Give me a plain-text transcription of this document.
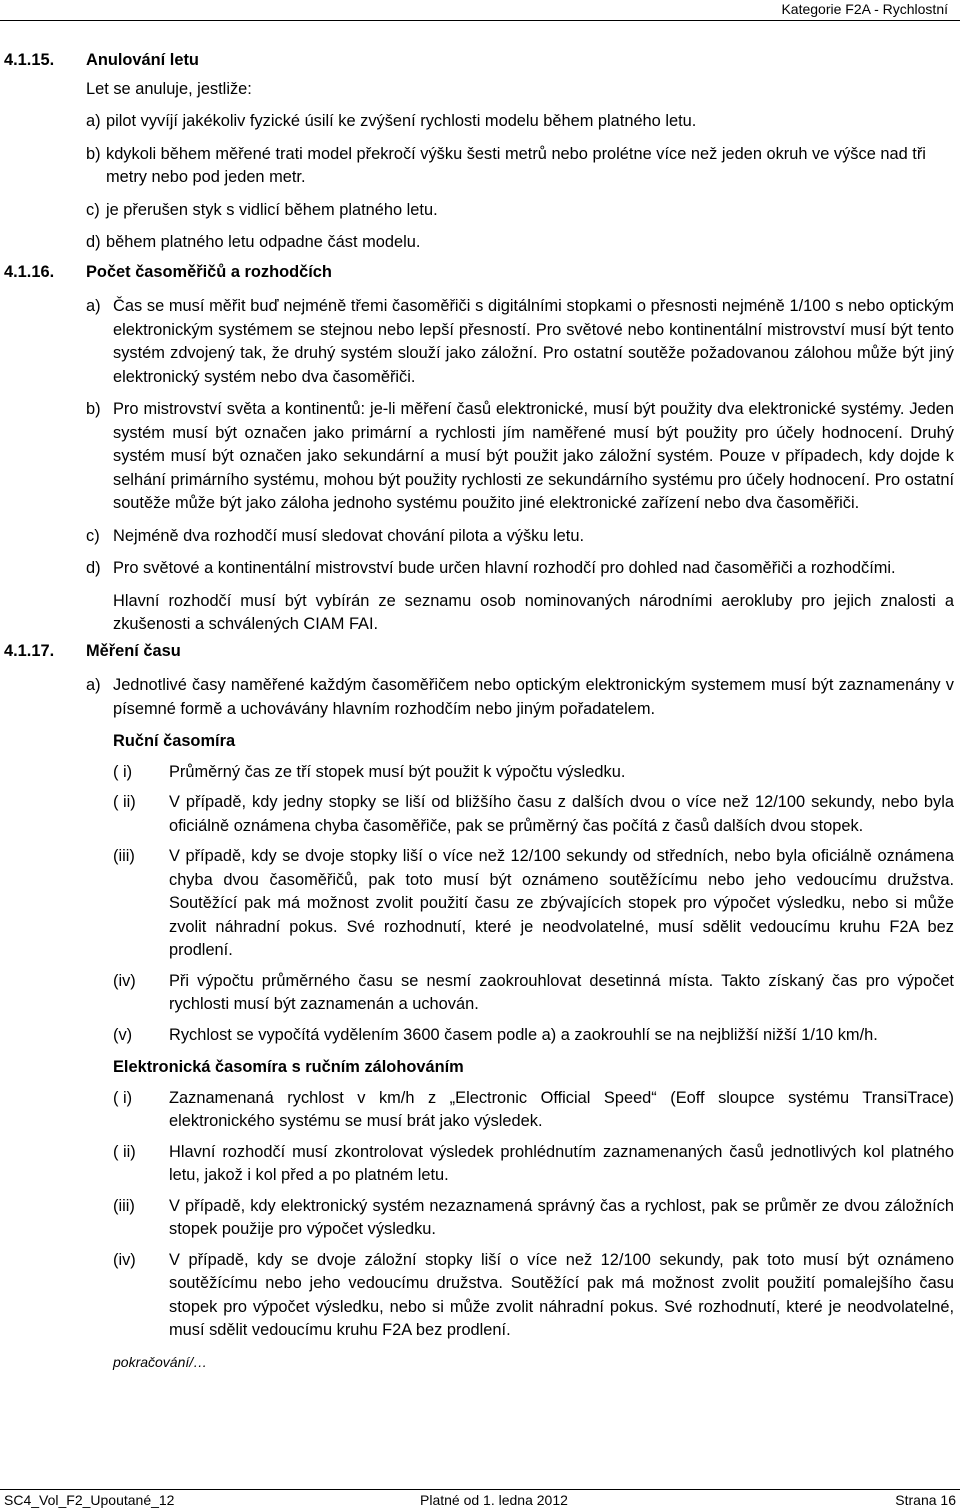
Kategorie F2A - Rychlostní
4.1.15. Anulování letu
Let se anuluje, jestliže:
a) pilot vyvíjí jakékoliv fyzické úsilí ke zvýšení rychlosti modelu během platného letu.
b) kdykoli během měřené trati model překročí výšku šesti metrů nebo prolétne více než jeden okruh ve výšce nad tři metry nebo pod jeden metr.
c) je přerušen styk s vidlicí během platného letu.
d) během platného letu odpadne část modelu.
4.1.16. Počet časoměřičů a rozhodčích
a) Čas se musí měřit buď nejméně třemi časoměřiči s digitálními stopkami o přesnosti nejméně 1/100 s nebo optickým elektronickým systémem se stejnou nebo lepší přesností. Pro světové nebo kontinentální mistrovství musí být tento systém zdvojený tak, že druhý systém slouží jako záložní. Pro ostatní soutěže požadovanou zálohou může být jiný elektronický systém nebo dva časoměřiči.
b) Pro mistrovství světa a kontinentů: je-li měření časů elektronické, musí být použity dva elektronické systémy. Jeden systém musí být označen jako primární a rychlosti jím naměřené musí být použity pro účely hodnocení. Druhý systém musí být označen jako sekundární a musí být použit jako záložní systém. Pouze v případech, kdy dojde k selhání primárního systému, mohou být použity rychlosti ze sekundárního systému pro účely hodnocení. Pro ostatní soutěže může být jako záloha jednoho systému použito jiné elektronické zařízení nebo dva časoměřiči.
c) Nejméně dva rozhodčí musí sledovat chování pilota a výšku letu.
d) Pro světové a kontinentální mistrovství bude určen hlavní rozhodčí pro dohled nad časoměřiči a rozhodčími.
Hlavní rozhodčí musí být vybírán ze seznamu osob nominovaných národními aerokluby pro jejich znalosti a zkušenosti a schválených CIAM FAI.
4.1.17. Měření času
a) Jednotlivé časy naměřené každým časoměřičem nebo optickým elektronickým systemem musí být zaznamenány v písemné formě a uchovávány hlavním rozhodčím nebo jiným pořadatelem.
Ruční časomíra
( i)	Průměrný čas ze tří stopek musí být použit k výpočtu výsledku.
( ii)	V případě, kdy jedny stopky se liší od bližšího času z dalších dvou o více než 12/100 sekundy, nebo byla oficiálně oznámena chyba časoměřiče, pak se průměrný čas počítá z časů dalších dvou stopek.
(iii)	V případě, kdy se dvoje stopky liší o více než 12/100 sekundy od středních, nebo byla oficiálně oznámena chyba dvou časoměřičů, pak toto musí být oznámeno soutěžícímu nebo jeho vedoucímu družstva. Soutěžící pak má možnost zvolit použití času ze zbývajících stopek pro výpočet výsledku, nebo si může zvolit náhradní pokus. Své rozhodnutí, které je neodvolatelné, musí sdělit vedoucímu kruhu F2A bez prodlení.
(iv)	Při výpočtu průměrného času se nesmí zaokrouhlovat desetinná místa. Takto získaný čas pro výpočet rychlosti musí být zaznamenán a uchován.
(v)	Rychlost se vypočítá vydělením 3600 časem podle a) a zaokrouhlí se na nejbližší nižší 1/10 km/h.
Elektronická časomíra s ručním zálohováním
( i)	Zaznamenaná rychlost v km/h z „Electronic Official Speed“ (Eoff sloupce systému TransiTrace) elektronického systému se musí brát jako výsledek.
( ii)	Hlavní rozhodčí musí zkontrolovat výsledek prohlédnutím zaznamenaných časů jednotlivých kol platného letu, jakož i kol před a po platném letu.
(iii)	V případě, kdy elektronický systém nezaznamená správný čas a rychlost, pak se průměr ze dvou záložních stopek použije pro výpočet výsledku.
(iv)	V případě, kdy se dvoje záložní stopky liší o více než 12/100 sekundy, pak toto musí být oznámeno soutěžícímu nebo jeho vedoucímu družstva. Soutěžící pak má možnost zvolit použití pomalejšího času stopek pro výpočet výsledku, nebo si může zvolit náhradní pokus. Své rozhodnutí, které je neodvolatelné, musí sdělit vedoucímu kruhu F2A bez prodlení.
pokračování/…
SC4_Vol_F2_Upoutané_12	Platné od 1. ledna 2012	Strana 16
